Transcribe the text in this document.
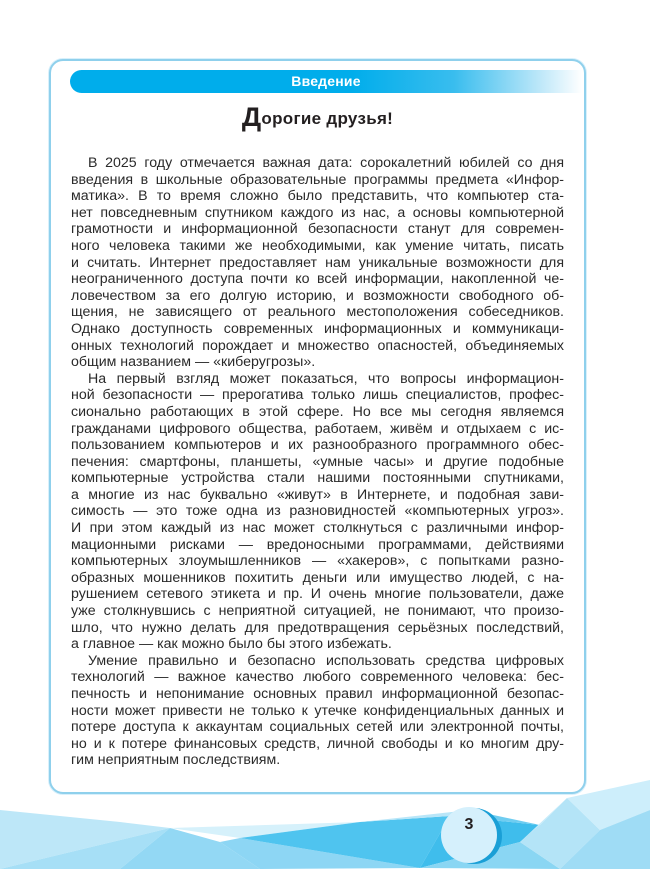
Введение
Дорогие друзья!
В 2025 году отмечается важная дата: сорокалетний юбилей со дня
введения в школьные образовательные программы предмета «Инфор-
матика». В то время сложно было представить, что компьютер ста-
нет повседневным спутником каждого из нас, а основы компьютерной
грамотности и информационной безопасности станут для современ-
ного человека такими же необходимыми, как умение читать, писать
и считать. Интернет предоставляет нам уникальные возможности для
неограниченного доступа почти ко всей информации, накопленной че-
ловечеством за его долгую историю, и возможности свободного об-
щения, не зависящего от реального местоположения собеседников.
Однако доступность современных информационных и коммуникаци-
онных технологий порождает и множество опасностей, объединяемых
общим названием — «киберугрозы».
На первый взгляд может показаться, что вопросы информацион-
ной безопасности — прерогатива только лишь специалистов, профес-
сионально работающих в этой сфере. Но все мы сегодня являемся
гражданами цифрового общества, работаем, живём и отдыхаем с ис-
пользованием компьютеров и их разнообразного программного обес-
печения: смартфоны, планшеты, «умные часы» и другие подобные
компьютерные устройства стали нашими постоянными спутниками,
а многие из нас буквально «живут» в Интернете, и подобная зави-
симость — это тоже одна из разновидностей «компьютерных угроз».
И при этом каждый из нас может столкнуться с различными инфор-
мационными рисками — вредоносными программами, действиями
компьютерных злоумышленников — «хакеров», с попытками разно-
образных мошенников похитить деньги или имущество людей, с на-
рушением сетевого этикета и пр. И очень многие пользователи, даже
уже столкнувшись с неприятной ситуацией, не понимают, что произо-
шло, что нужно делать для предотвращения серьёзных последствий,
а главное — как можно было бы этого избежать.
Умение правильно и безопасно использовать средства цифровых
технологий — важное качество любого современного человека: бес-
печность и непонимание основных правил информационной безопас-
ности может привести не только к утечке конфиденциальных данных и
потере доступа к аккаунтам социальных сетей или электронной почты,
но и к потере финансовых средств, личной свободы и ко многим дру-
гим неприятным последствиям.
3
